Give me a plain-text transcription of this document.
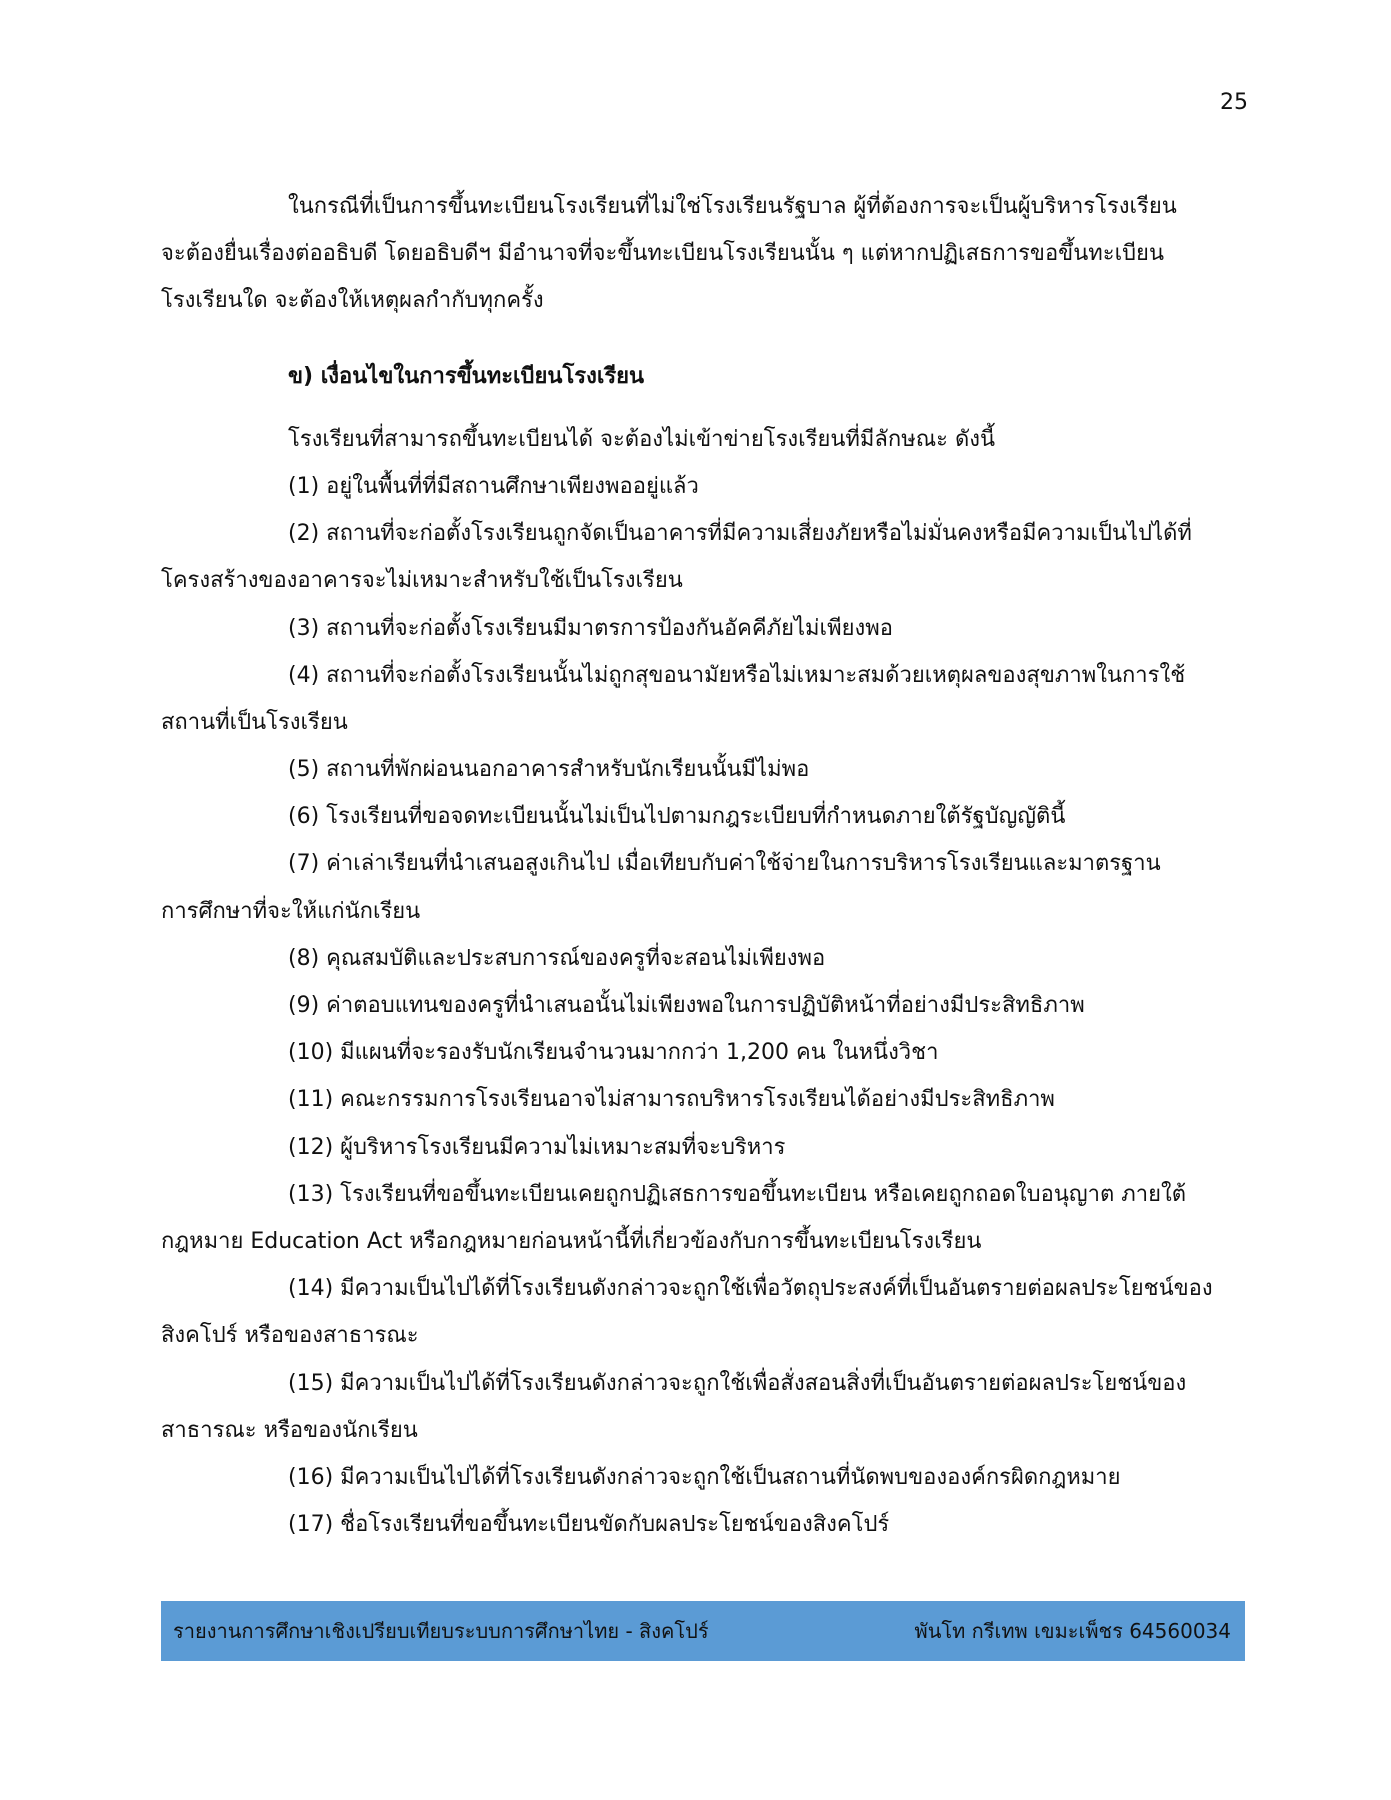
25
ในกรณีที่เป็นการขึ้นทะเบียนโรงเรียนที่ไม่ใช่โรงเรียนรัฐบาล ผู้ที่ต้องการจะเป็นผู้บริหารโรงเรียน
จะต้องยื่นเรื่องต่ออธิบดี โดยอธิบดีฯ มีอำนาจที่จะขึ้นทะเบียนโรงเรียนนั้น ๆ แต่หากปฏิเสธการขอขึ้นทะเบียน
โรงเรียนใด จะต้องให้เหตุผลกำกับทุกครั้ง
ข) เงื่อนไขในการขึ้นทะเบียนโรงเรียน
โรงเรียนที่สามารถขึ้นทะเบียนได้ จะต้องไม่เข้าข่ายโรงเรียนที่มีลักษณะ ดังนี้
(1) อยู่ในพื้นที่ที่มีสถานศึกษาเพียงพออยู่แล้ว
(2) สถานที่จะก่อตั้งโรงเรียนถูกจัดเป็นอาคารที่มีความเสี่ยงภัยหรือไม่มั่นคงหรือมีความเป็นไปได้ที่
โครงสร้างของอาคารจะไม่เหมาะสำหรับใช้เป็นโรงเรียน
(3) สถานที่จะก่อตั้งโรงเรียนมีมาตรการป้องกันอัคคีภัยไม่เพียงพอ
(4) สถานที่จะก่อตั้งโรงเรียนนั้นไม่ถูกสุขอนามัยหรือไม่เหมาะสมด้วยเหตุผลของสุขภาพในการใช้
สถานที่เป็นโรงเรียน
(5) สถานที่พักผ่อนนอกอาคารสำหรับนักเรียนนั้นมีไม่พอ
(6) โรงเรียนที่ขอจดทะเบียนนั้นไม่เป็นไปตามกฎระเบียบที่กำหนดภายใต้รัฐบัญญัตินี้
(7) ค่าเล่าเรียนที่นำเสนอสูงเกินไป เมื่อเทียบกับค่าใช้จ่ายในการบริหารโรงเรียนและมาตรฐาน
การศึกษาที่จะให้แก่นักเรียน
(8) คุณสมบัติและประสบการณ์ของครูที่จะสอนไม่เพียงพอ
(9) ค่าตอบแทนของครูที่นำเสนอนั้นไม่เพียงพอในการปฏิบัติหน้าที่อย่างมีประสิทธิภาพ
(10) มีแผนที่จะรองรับนักเรียนจำนวนมากกว่า 1,200 คน ในหนึ่งวิชา
(11) คณะกรรมการโรงเรียนอาจไม่สามารถบริหารโรงเรียนได้อย่างมีประสิทธิภาพ
(12) ผู้บริหารโรงเรียนมีความไม่เหมาะสมที่จะบริหาร
(13) โรงเรียนที่ขอขึ้นทะเบียนเคยถูกปฏิเสธการขอขึ้นทะเบียน หรือเคยถูกถอดใบอนุญาต ภายใต้
กฎหมาย Education Act หรือกฎหมายก่อนหน้านี้ที่เกี่ยวข้องกับการขึ้นทะเบียนโรงเรียน
(14) มีความเป็นไปได้ที่โรงเรียนดังกล่าวจะถูกใช้เพื่อวัตถุประสงค์ที่เป็นอันตรายต่อผลประโยชน์ของ
สิงคโปร์ หรือของสาธารณะ
(15) มีความเป็นไปได้ที่โรงเรียนดังกล่าวจะถูกใช้เพื่อสั่งสอนสิ่งที่เป็นอันตรายต่อผลประโยชน์ของ
สาธารณะ หรือของนักเรียน
(16) มีความเป็นไปได้ที่โรงเรียนดังกล่าวจะถูกใช้เป็นสถานที่นัดพบขององค์กรผิดกฎหมาย
(17) ชื่อโรงเรียนที่ขอขึ้นทะเบียนขัดกับผลประโยชน์ของสิงคโปร์
รายงานการศึกษาเชิงเปรียบเทียบระบบการศึกษาไทย - สิงคโปร์	พันโท กรีเทพ เขมะเพ็ชร 64560034
